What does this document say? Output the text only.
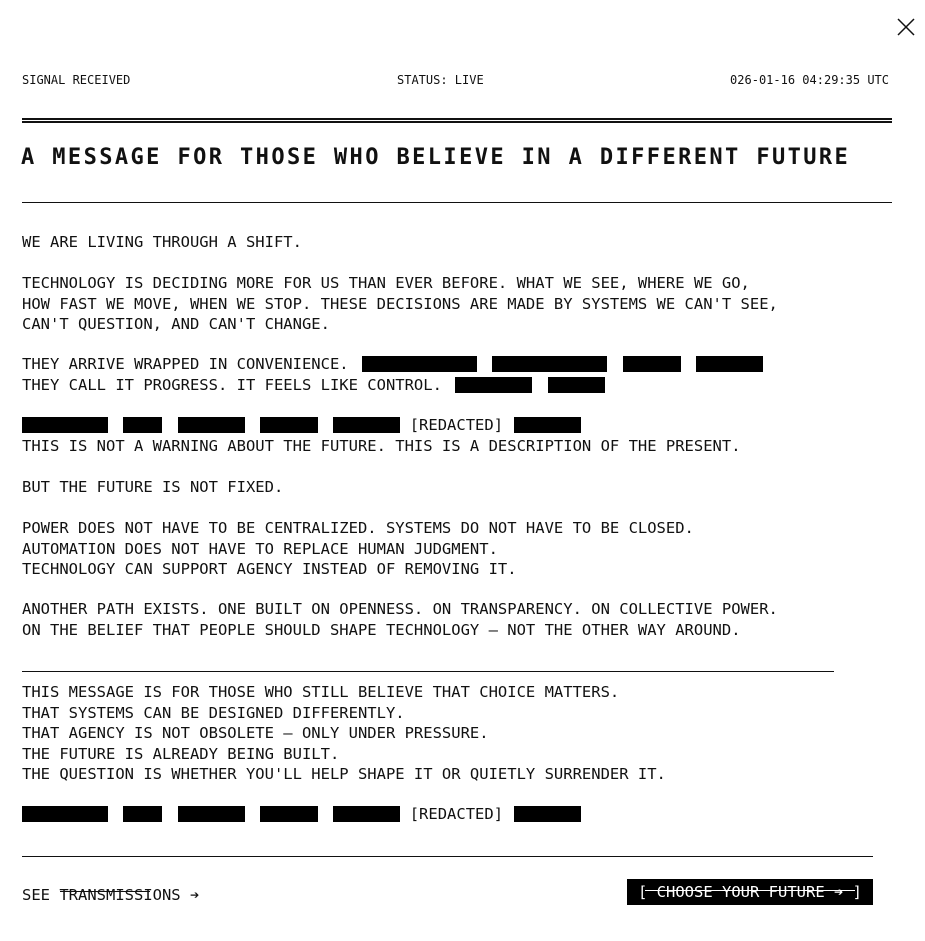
SIGNAL RECEIVED	STATUS: LIVE	026-01-16 04:29:35 UTC
A MESSAGE FOR THOSE WHO BELIEVE IN A DIFFERENT FUTURE

WE ARE LIVING THROUGH A SHIFT.

TECHNOLOGY IS DECIDING MORE FOR US THAN EVER BEFORE. WHAT WE SEE, WHERE WE GO,
HOW FAST WE MOVE, WHEN WE STOP. THESE DECISIONS ARE MADE BY SYSTEMS WE CAN'T SEE,
CAN'T QUESTION, AND CAN'T CHANGE.

THEY ARRIVE WRAPPED IN CONVENIENCE.
THEY CALL IT PROGRESS. IT FEELS LIKE CONTROL.

[REDACTED]
THIS IS NOT A WARNING ABOUT THE FUTURE. THIS IS A DESCRIPTION OF THE PRESENT.

BUT THE FUTURE IS NOT FIXED.

POWER DOES NOT HAVE TO BE CENTRALIZED. SYSTEMS DO NOT HAVE TO BE CLOSED.
AUTOMATION DOES NOT HAVE TO REPLACE HUMAN JUDGMENT.
TECHNOLOGY CAN SUPPORT AGENCY INSTEAD OF REMOVING IT.

ANOTHER PATH EXISTS. ONE BUILT ON OPENNESS. ON TRANSPARENCY. ON COLLECTIVE POWER.
ON THE BELIEF THAT PEOPLE SHOULD SHAPE TECHNOLOGY — NOT THE OTHER WAY AROUND.

THIS MESSAGE IS FOR THOSE WHO STILL BELIEVE THAT CHOICE MATTERS.
THAT SYSTEMS CAN BE DESIGNED DIFFERENTLY.
THAT AGENCY IS NOT OBSOLETE — ONLY UNDER PRESSURE.
THE FUTURE IS ALREADY BEING BUILT.
THE QUESTION IS WHETHER YOU'LL HELP SHAPE IT OR QUIETLY SURRENDER IT.

[REDACTED]

SEE TRANSMISSIONS ➔	[ CHOOSE YOUR FUTURE ➔ ]
